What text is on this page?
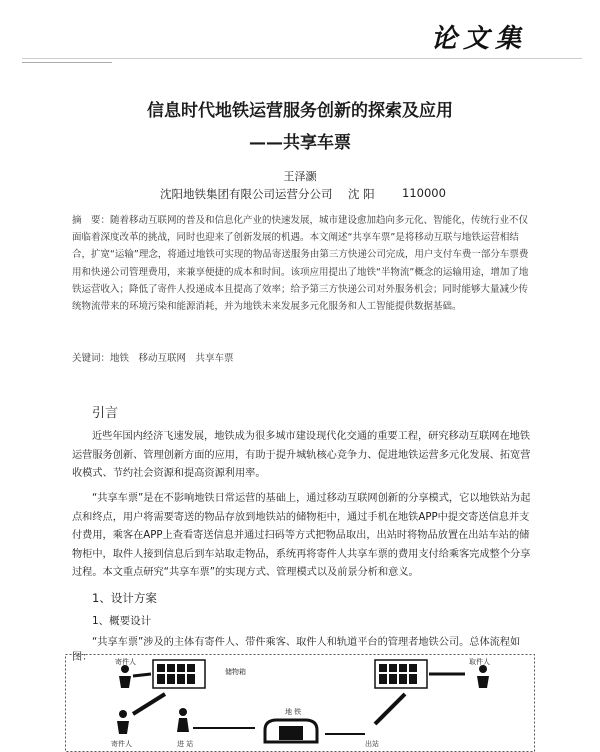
论文集
信息时代地铁运营服务创新的探索及应用
——共享车票
王泽灏
沈阳地铁集团有限公司运营分公司 沈 阳 110000
摘　要：随着移动互联网的普及和信息化产业的快速发展，城市建设愈加趋向多元化、智能化，传统行业不仅面临着深度改革的挑战，同时也迎来了创新发展的机遇。本文阐述“共享车票”是将移动互联与地铁运营相结合，扩宽“运输”理念，将通过地铁可实现的物品寄送服务由第三方快递公司完成，用户支付车费一部分车票费用和快递公司管理费用，来兼享便捷的成本和时间。该项应用提出了地铁“半物流”概念的运输用途，增加了地铁运营收入；降低了寄件人投递成本且提高了效率；给予第三方快递公司对外服务机会；同时能够大量减少传统物流带来的环境污染和能源消耗，并为地铁未来发展多元化服务和人工智能提供数据基础。
关键词：地铁　移动互联网　共享车票
引言
近些年国内经济飞速发展，地铁成为很多城市建设现代化交通的重要工程，研究移动互联网在地铁运营服务创新、管理创新方面的应用，有助于提升城轨核心竞争力、促进地铁运营多元化发展、拓宽营收模式、节约社会资源和提高资源利用率。
“共享车票”是在不影响地铁日常运营的基础上，通过移动互联网创新的分享模式，它以地铁站为起点和终点，用户将需要寄送的物品存放到地铁站的储物柜中，通过手机在地铁APP中提交寄送信息并支付费用，乘客在APP上查看寄送信息并通过扫码等方式把物品取出，出站时将物品放置在出站车站的储物柜中，取件人接到信息后到车站取走物品，系统再将寄件人共享车票的费用支付给乘客完成整个分享过程。本文重点研究“共享车票”的实现方式、管理模式以及前景分析和意义。
1、设计方案
1、概要设计
“共享车票”涉及的主体有寄件人、带件乘客、取件人和轨道平台的管理者地铁公司。总体流程如图：	寄件人
储物箱
寄件人	进 站
地 铁
出站
取件人
